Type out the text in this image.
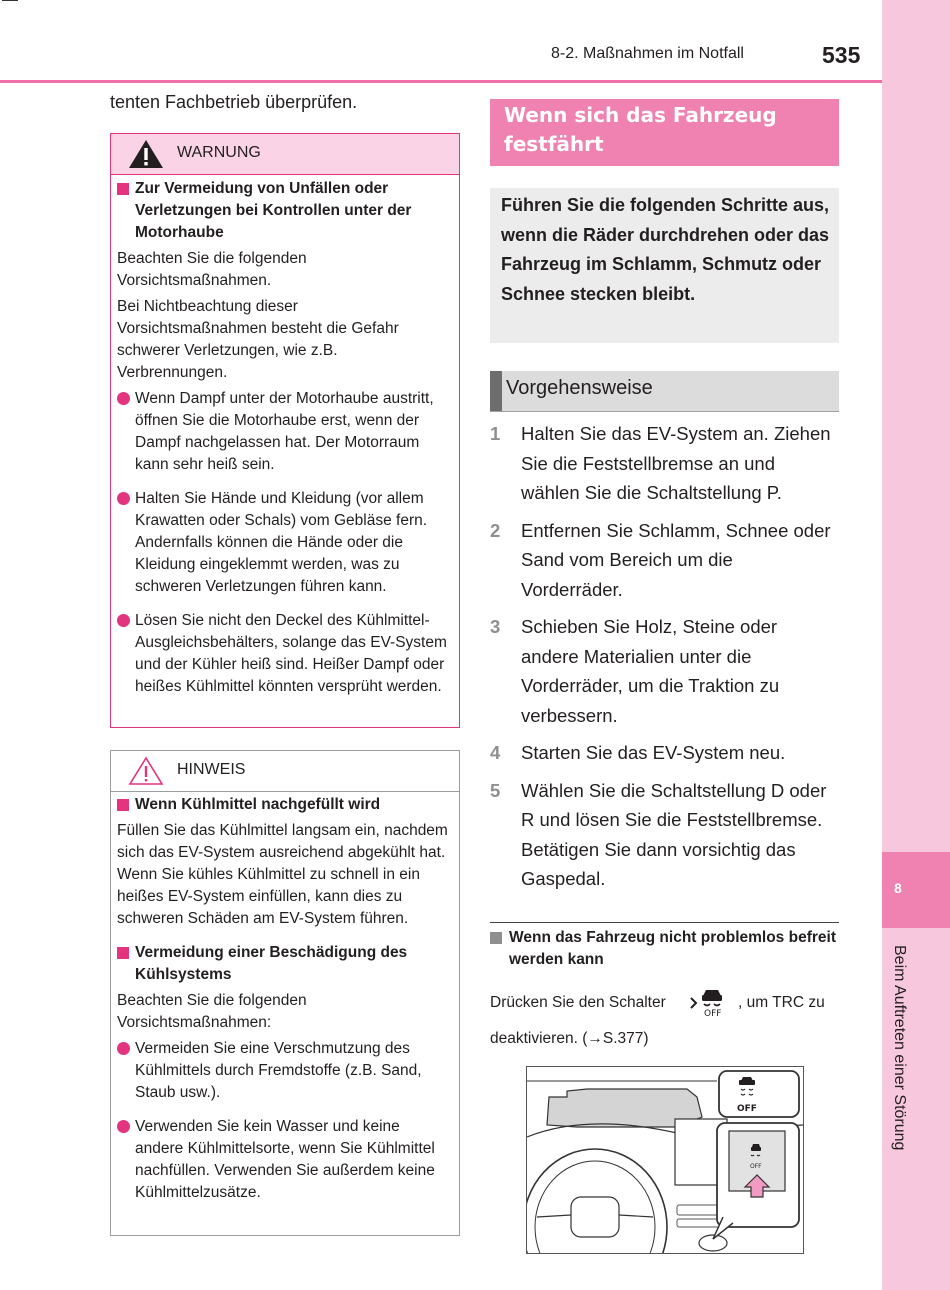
8-2. Maßnahmen im Notfall	535
8
Beim Auftreten einer Störung
tenten Fachbetrieb überprüfen.
WARNUNG

Zur Vermeidung von Unfällen oder Verletzungen bei Kontrollen unter der Motorhaube

Beachten Sie die folgenden Vorsichtsmaßnahmen.

Bei Nichtbeachtung dieser Vorsichtsmaßnahmen besteht die Gefahr schwerer Verletzungen, wie z.B. Verbrennungen.

Wenn Dampf unter der Motorhaube austritt, öffnen Sie die Motorhaube erst, wenn der Dampf nachgelassen hat. Der Motorraum kann sehr heiß sein.

Halten Sie Hände und Kleidung (vor allem Krawatten oder Schals) vom Gebläse fern. Andernfalls können die Hände oder die Kleidung eingeklemmt werden, was zu schweren Verletzungen führen kann.

Lösen Sie nicht den Deckel des Kühlmittel-Ausgleichsbehälters, solange das EV-System und der Kühler heiß sind. Heißer Dampf oder heißes Kühlmittel könnten versprüht werden.

HINWEIS

Wenn Kühlmittel nachgefüllt wird

Füllen Sie das Kühlmittel langsam ein, nachdem sich das EV-System ausreichend abgekühlt hat. Wenn Sie kühles Kühlmittel zu schnell in ein heißes EV-System einfüllen, kann dies zu schweren Schäden am EV-System führen.

Vermeidung einer Beschädigung des Kühlsystems

Beachten Sie die folgenden Vorsichtsmaßnahmen:

Vermeiden Sie eine Verschmutzung des Kühlmittels durch Fremdstoffe (z.B. Sand, Staub usw.).

Verwenden Sie kein Wasser und keine andere Kühlmittelsorte, wenn Sie Kühlmittel nachfüllen. Verwenden Sie außerdem keine Kühlmittelzusätze.

Wenn sich das Fahrzeug festfährt
Führen Sie die folgenden Schritte aus, wenn die Räder durchdrehen oder das Fahrzeug im Schlamm, Schmutz oder Schnee stecken bleibt.
Vorgehensweise
1 Halten Sie das EV-System an. Ziehen Sie die Feststellbremse an und wählen Sie die Schaltstellung P.
2 Entfernen Sie Schlamm, Schnee oder Sand vom Bereich um die Vorderräder.
3 Schieben Sie Holz, Steine oder andere Materialien unter die Vorderräder, um die Traktion zu verbessern.
4 Starten Sie das EV-System neu.
5 Wählen Sie die Schaltstellung D oder R und lösen Sie die Feststellbremse. Betätigen Sie dann vorsichtig das Gaspedal.
Wenn das Fahrzeug nicht problemlos befreit werden kann
Drücken Sie den Schalter
OFF
, um TRC zu
deaktivieren. (→S.377)
OFF
OFF
